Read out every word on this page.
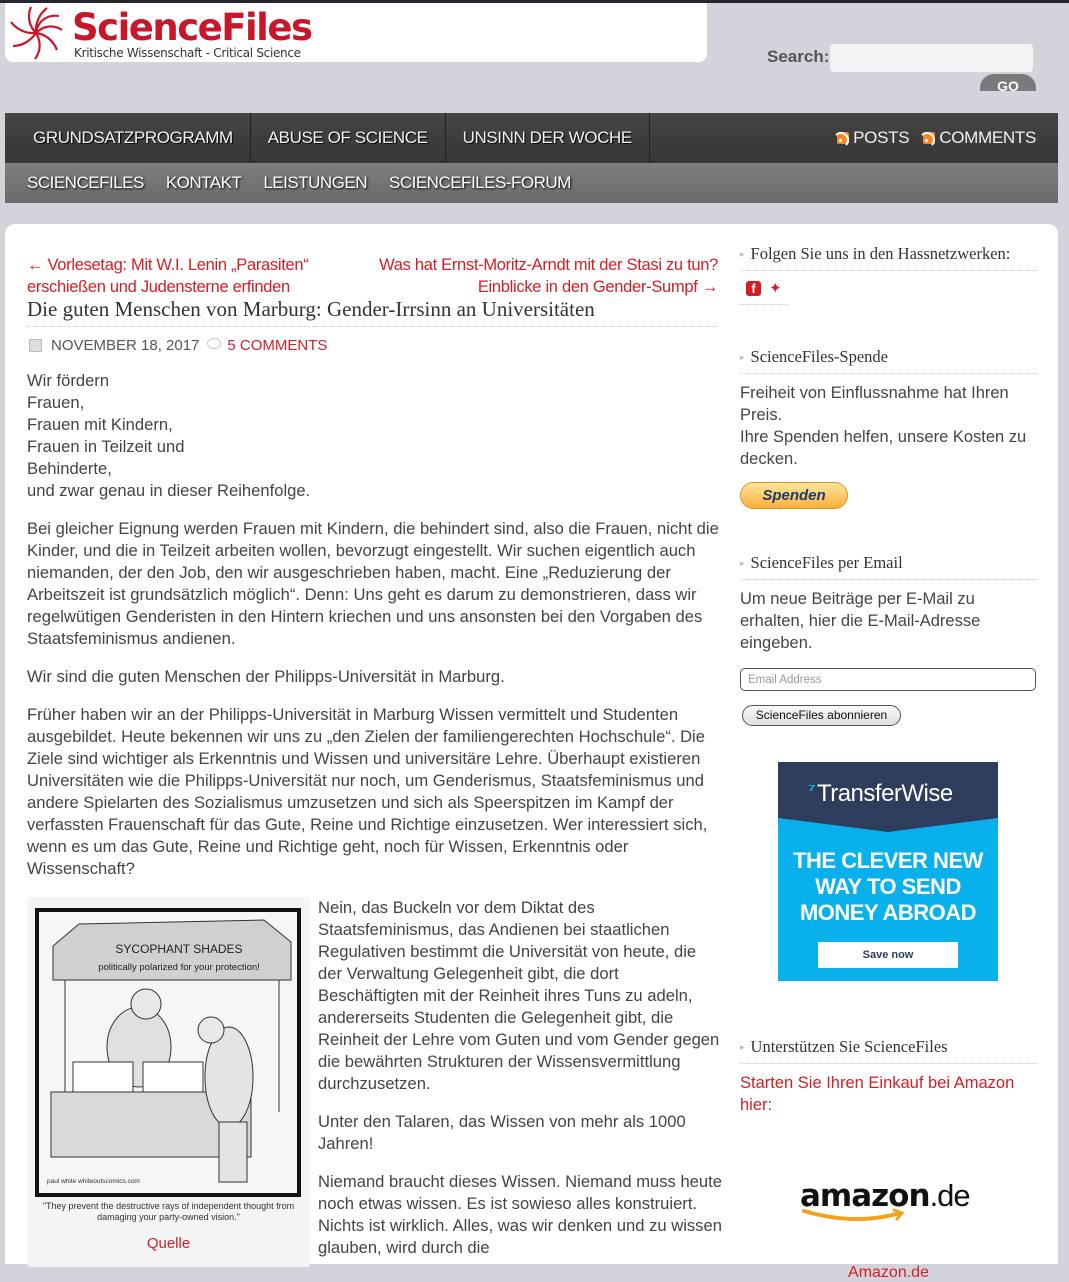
ScienceFiles
Kritische Wissenschaft - Critical Science	Search:
GO
GRUNDSATZPROGRAMM	ABUSE OF SCIENCE	UNSINN DER WOCHE	POSTS COMMENTS
SCIENCEFILES KONTAKT LEISTUNGEN SCIENCEFILES-FORUM
← Vorlesetag: Mit W.I. Lenin „Parasiten“ erschießen und Judensterne erfinden
Was hat Ernst-Moritz-Arndt mit der Stasi zu tun? Einblicke in den Gender-Sumpf →
Die guten Menschen von Marburg: Gender-Irrsinn an Universitäten
NOVEMBER 18, 2017 5 COMMENTS

Wir fördern
Frauen,
Frauen mit Kindern,
Frauen in Teilzeit und
Behinderte,
und zwar genau in dieser Reihenfolge.

Bei gleicher Eignung werden Frauen mit Kindern, die behindert sind, also die Frauen, nicht die Kinder, und die in Teilzeit arbeiten wollen, bevorzugt eingestellt. Wir suchen eigentlich auch niemanden, der den Job, den wir ausgeschrieben haben, macht. Eine „Reduzierung der Arbeitszeit ist grundsätzlich möglich“. Denn: Uns geht es darum zu demonstrieren, dass wir regelwütigen Genderisten in den Hintern kriechen und uns ansonsten bei den Vorgaben des Staatsfeminismus andienen.

Wir sind die guten Menschen der Philipps-Universität in Marburg.

Früher haben wir an der Philipps-Universität in Marburg Wissen vermittelt und Studenten ausgebildet. Heute bekennen wir uns zu „den Zielen der familiengerechten Hochschule“. Die Ziele sind wichtiger als Erkenntnis und Wissen und universitäre Lehre. Überhaupt existieren Universitäten wie die Philipps-Universität nur noch, um Genderismus, Staatsfeminismus und andere Spielarten des Sozialismus umzusetzen und sich als Speerspitzen im Kampf der verfassten Frauenschaft für das Gute, Reine und Richtige einzusetzen. Wer interessiert sich, wenn es um das Gute, Reine und Richtige geht, noch für Wissen, Erkenntnis oder Wissenschaft?

SYCOPHANT SHADES
politically polarized for your protection!
paul white whiteoutscomics.com
"They prevent the destructive rays of independent thought from damaging your party-owned vision."
Quelle

Nein, das Buckeln vor dem Diktat des Staatsfeminismus, das Andienen bei staatlichen Regulativen bestimmt die Universität von heute, die der Verwaltung Gelegenheit gibt, die dort Beschäftigten mit der Reinheit ihres Tuns zu adeln, andererseits Studenten die Gelegenheit gibt, die Reinheit der Lehre vom Guten und vom Gender gegen die bewährten Strukturen der Wissensvermittlung durchzusetzen.

Unter den Talaren, das Wissen von mehr als 1000 Jahren!

Niemand braucht dieses Wissen. Niemand muss heute noch etwas wissen. Es ist sowieso alles konstruiert. Nichts ist wirklich. Alles, was wir denken und zu wissen glauben, wird durch die

▸ Folgen Sie uns in den Hassnetzwerken:
f ✦
▸ ScienceFiles-Spende
Freiheit von Einflussnahme hat Ihren Preis.
Ihre Spenden helfen, unsere Kosten zu decken.
Spenden
▸ ScienceFiles per Email
Um neue Beiträge per E-Mail zu erhalten, hier die E-Mail-Adresse eingeben.
Email Address
ScienceFiles abonnieren
$^{^7}$TransferWise
THE CLEVER NEW WAY TO SEND MONEY ABROAD
Save now
▸ Unterstützen Sie ScienceFiles
Starten Sie Ihren Einkauf bei Amazon hier:
amazon.de
Amazon.de
